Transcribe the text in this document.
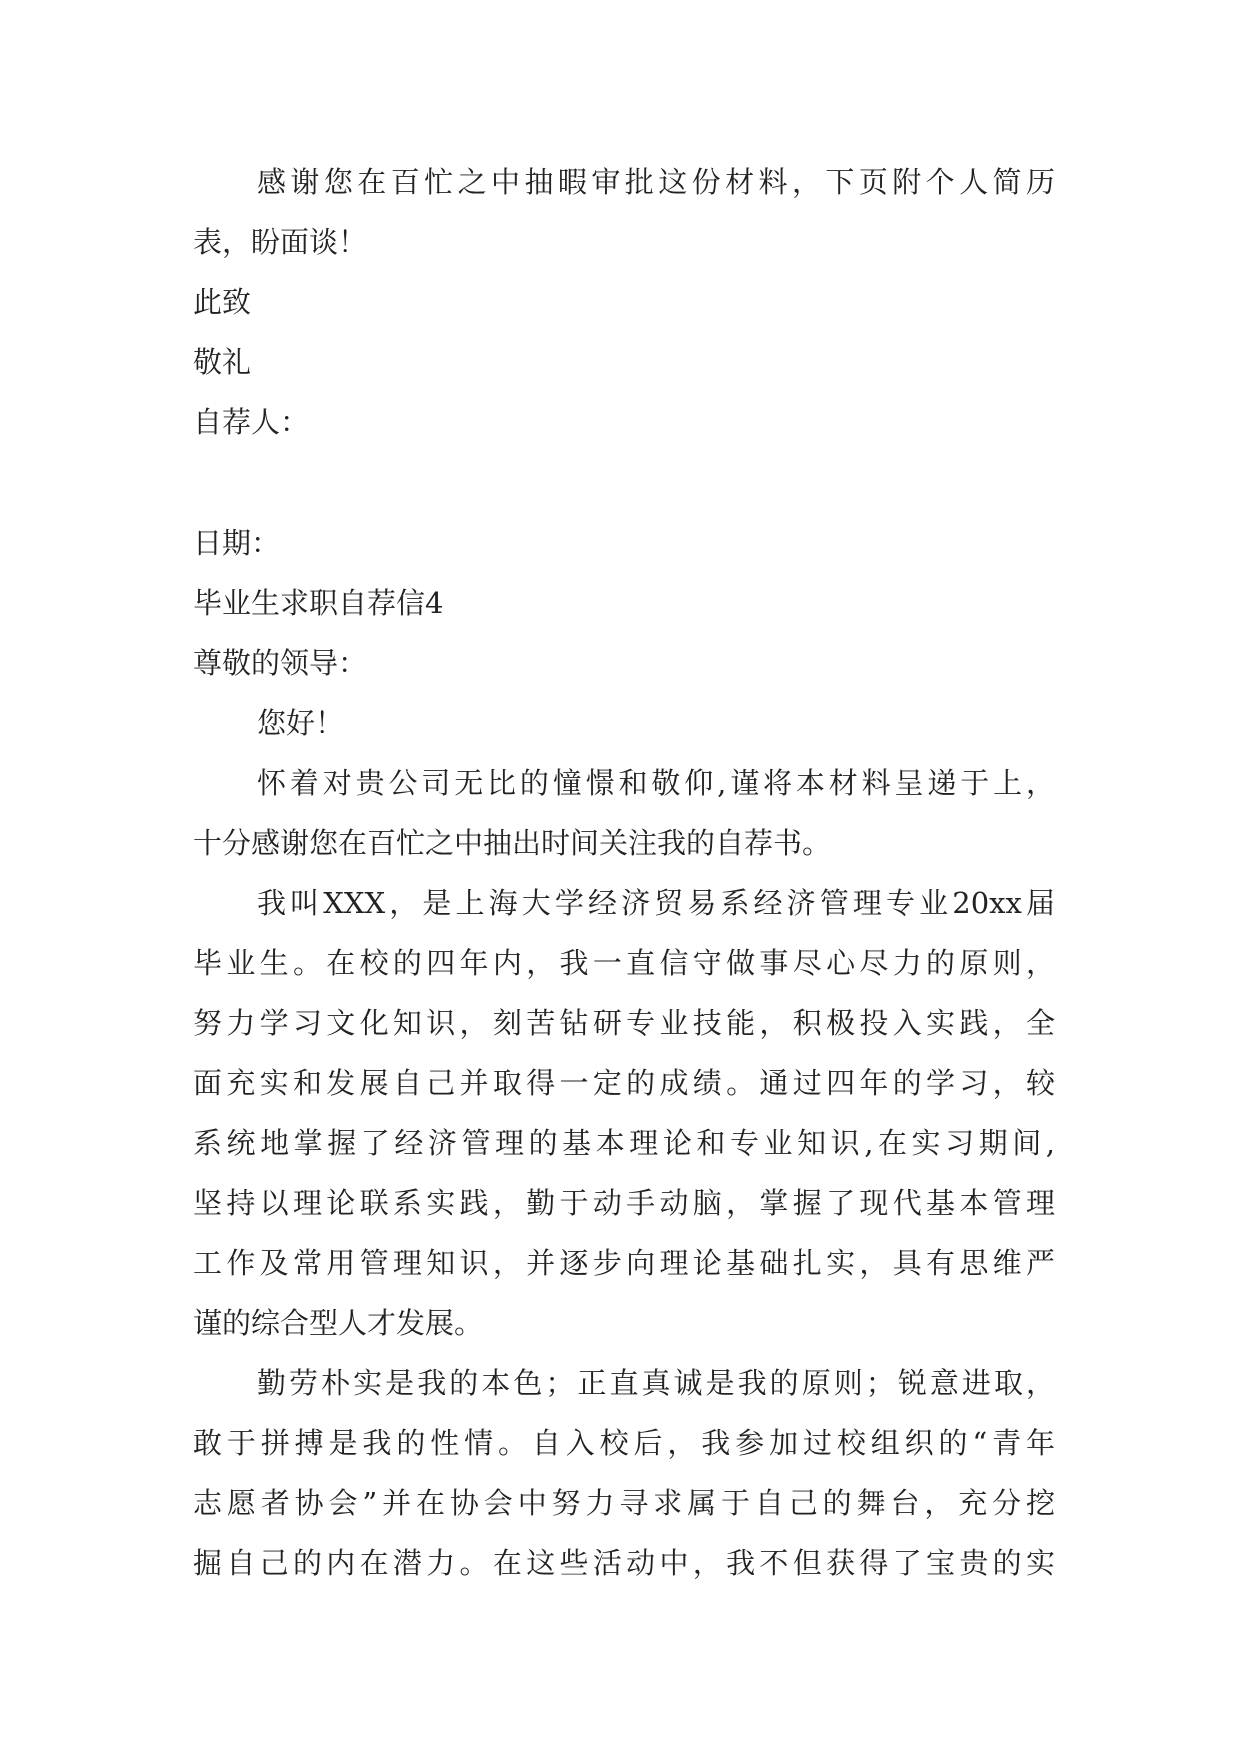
感谢您在百忙之中抽暇审批这份材料，下页附个人简历
表，盼面谈！
此致
敬礼
自荐人：
日期：
毕业生求职自荐信4
尊敬的领导：
您好！
怀着对贵公司无比的憧憬和敬仰,谨将本材料呈递于上，
十分感谢您在百忙之中抽出时间关注我的自荐书。
我叫XXX，是上海大学经济贸易系经济管理专业20xx届
毕业生。在校的四年内，我一直信守做事尽心尽力的原则，
努力学习文化知识，刻苦钻研专业技能，积极投入实践，全
面充实和发展自己并取得一定的成绩。通过四年的学习，较
系统地掌握了经济管理的基本理论和专业知识,在实习期间,
坚持以理论联系实践，勤于动手动脑，掌握了现代基本管理
工作及常用管理知识，并逐步向理论基础扎实，具有思维严
谨的综合型人才发展。
勤劳朴实是我的本色；正直真诚是我的原则；锐意进取，
敢于拼搏是我的性情。自入校后，我参加过校组织的“青年
志愿者协会”并在协会中努力寻求属于自己的舞台，充分挖
掘自己的内在潜力。在这些活动中，我不但获得了宝贵的实
